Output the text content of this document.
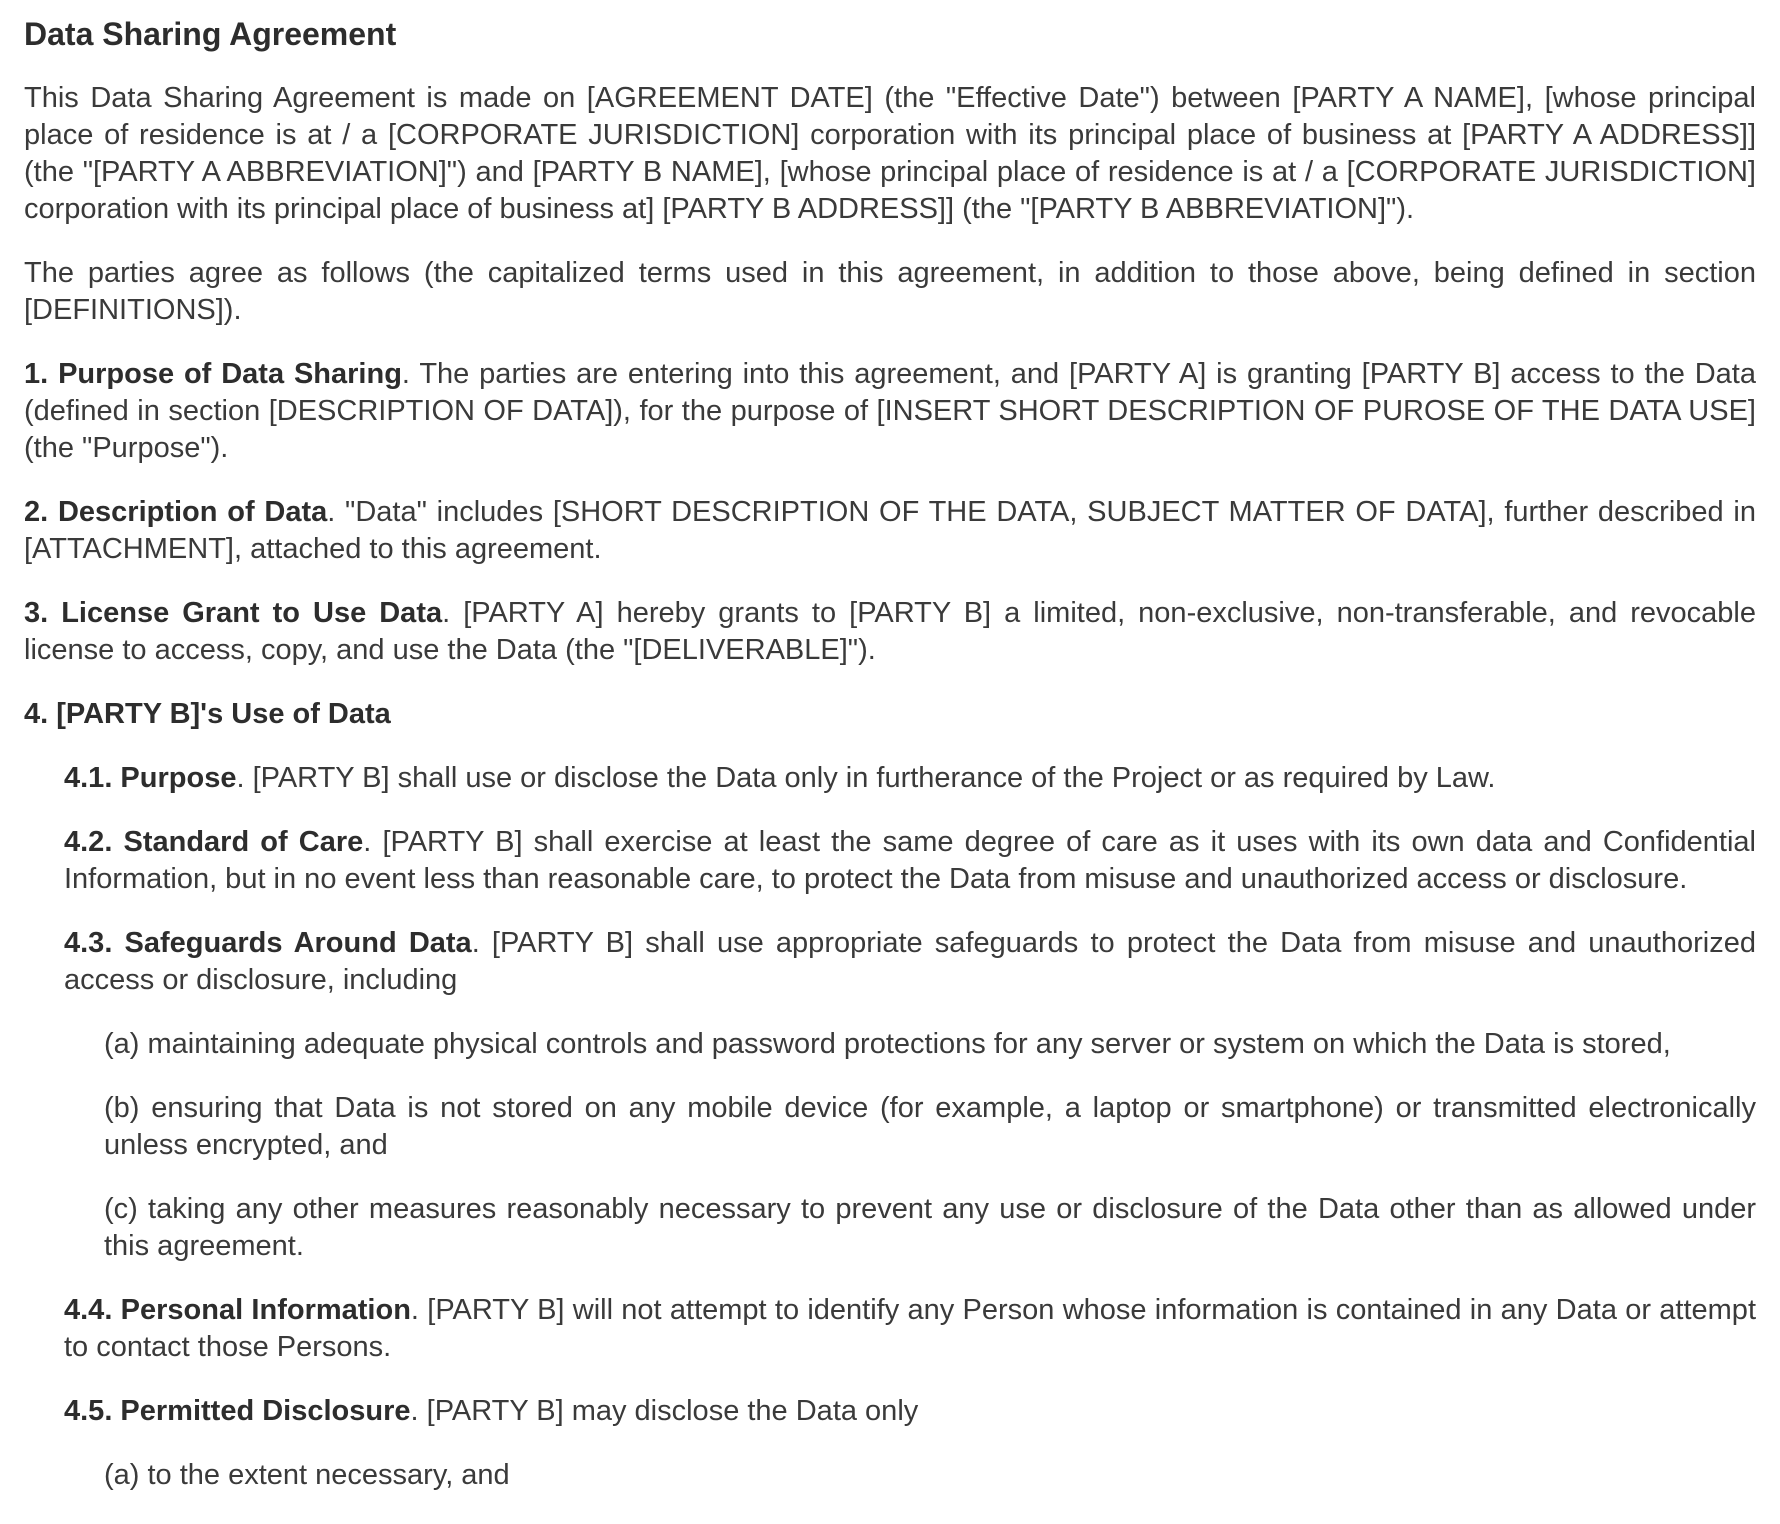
Data Sharing Agreement

This Data Sharing Agreement is made on [AGREEMENT DATE] (the "Effective Date") between [PARTY A NAME], [whose principal place of residence is at / a [CORPORATE JURISDICTION] corporation with its principal place of business at [PARTY A ADDRESS]] (the "[PARTY A ABBREVIATION]") and [PARTY B NAME], [whose principal place of residence is at / a [CORPORATE JURISDICTION] corporation with its principal place of business at] [PARTY B ADDRESS]] (the "[PARTY B ABBREVIATION]").

The parties agree as follows (the capitalized terms used in this agreement, in addition to those above, being defined in section [DEFINITIONS]).

1. Purpose of Data Sharing. The parties are entering into this agreement, and [PARTY A] is granting [PARTY B] access to the Data (defined in section [DESCRIPTION OF DATA]), for the purpose of [INSERT SHORT DESCRIPTION OF PUROSE OF THE DATA USE] (the "Purpose").

2. Description of Data. "Data" includes [SHORT DESCRIPTION OF THE DATA, SUBJECT MATTER OF DATA], further described in [ATTACHMENT], attached to this agreement.

3. License Grant to Use Data. [PARTY A] hereby grants to [PARTY B] a limited, non-exclusive, non-transferable, and revocable license to access, copy, and use the Data (the "[DELIVERABLE]").

4. [PARTY B]'s Use of Data

4.1. Purpose. [PARTY B] shall use or disclose the Data only in furtherance of the Project or as required by Law.

4.2. Standard of Care. [PARTY B] shall exercise at least the same degree of care as it uses with its own data and Confidential Information, but in no event less than reasonable care, to protect the Data from misuse and unauthorized access or disclosure.

4.3. Safeguards Around Data. [PARTY B] shall use appropriate safeguards to protect the Data from misuse and unauthorized access or disclosure, including

(a) maintaining adequate physical controls and password protections for any server or system on which the Data is stored,

(b) ensuring that Data is not stored on any mobile device (for example, a laptop or smartphone) or transmitted electronically unless encrypted, and

(c) taking any other measures reasonably necessary to prevent any use or disclosure of the Data other than as allowed under this agreement.

4.4. Personal Information. [PARTY B] will not attempt to identify any Person whose information is contained in any Data or attempt to contact those Persons.

4.5. Permitted Disclosure. [PARTY B] may disclose the Data only

(a) to the extent necessary, and
